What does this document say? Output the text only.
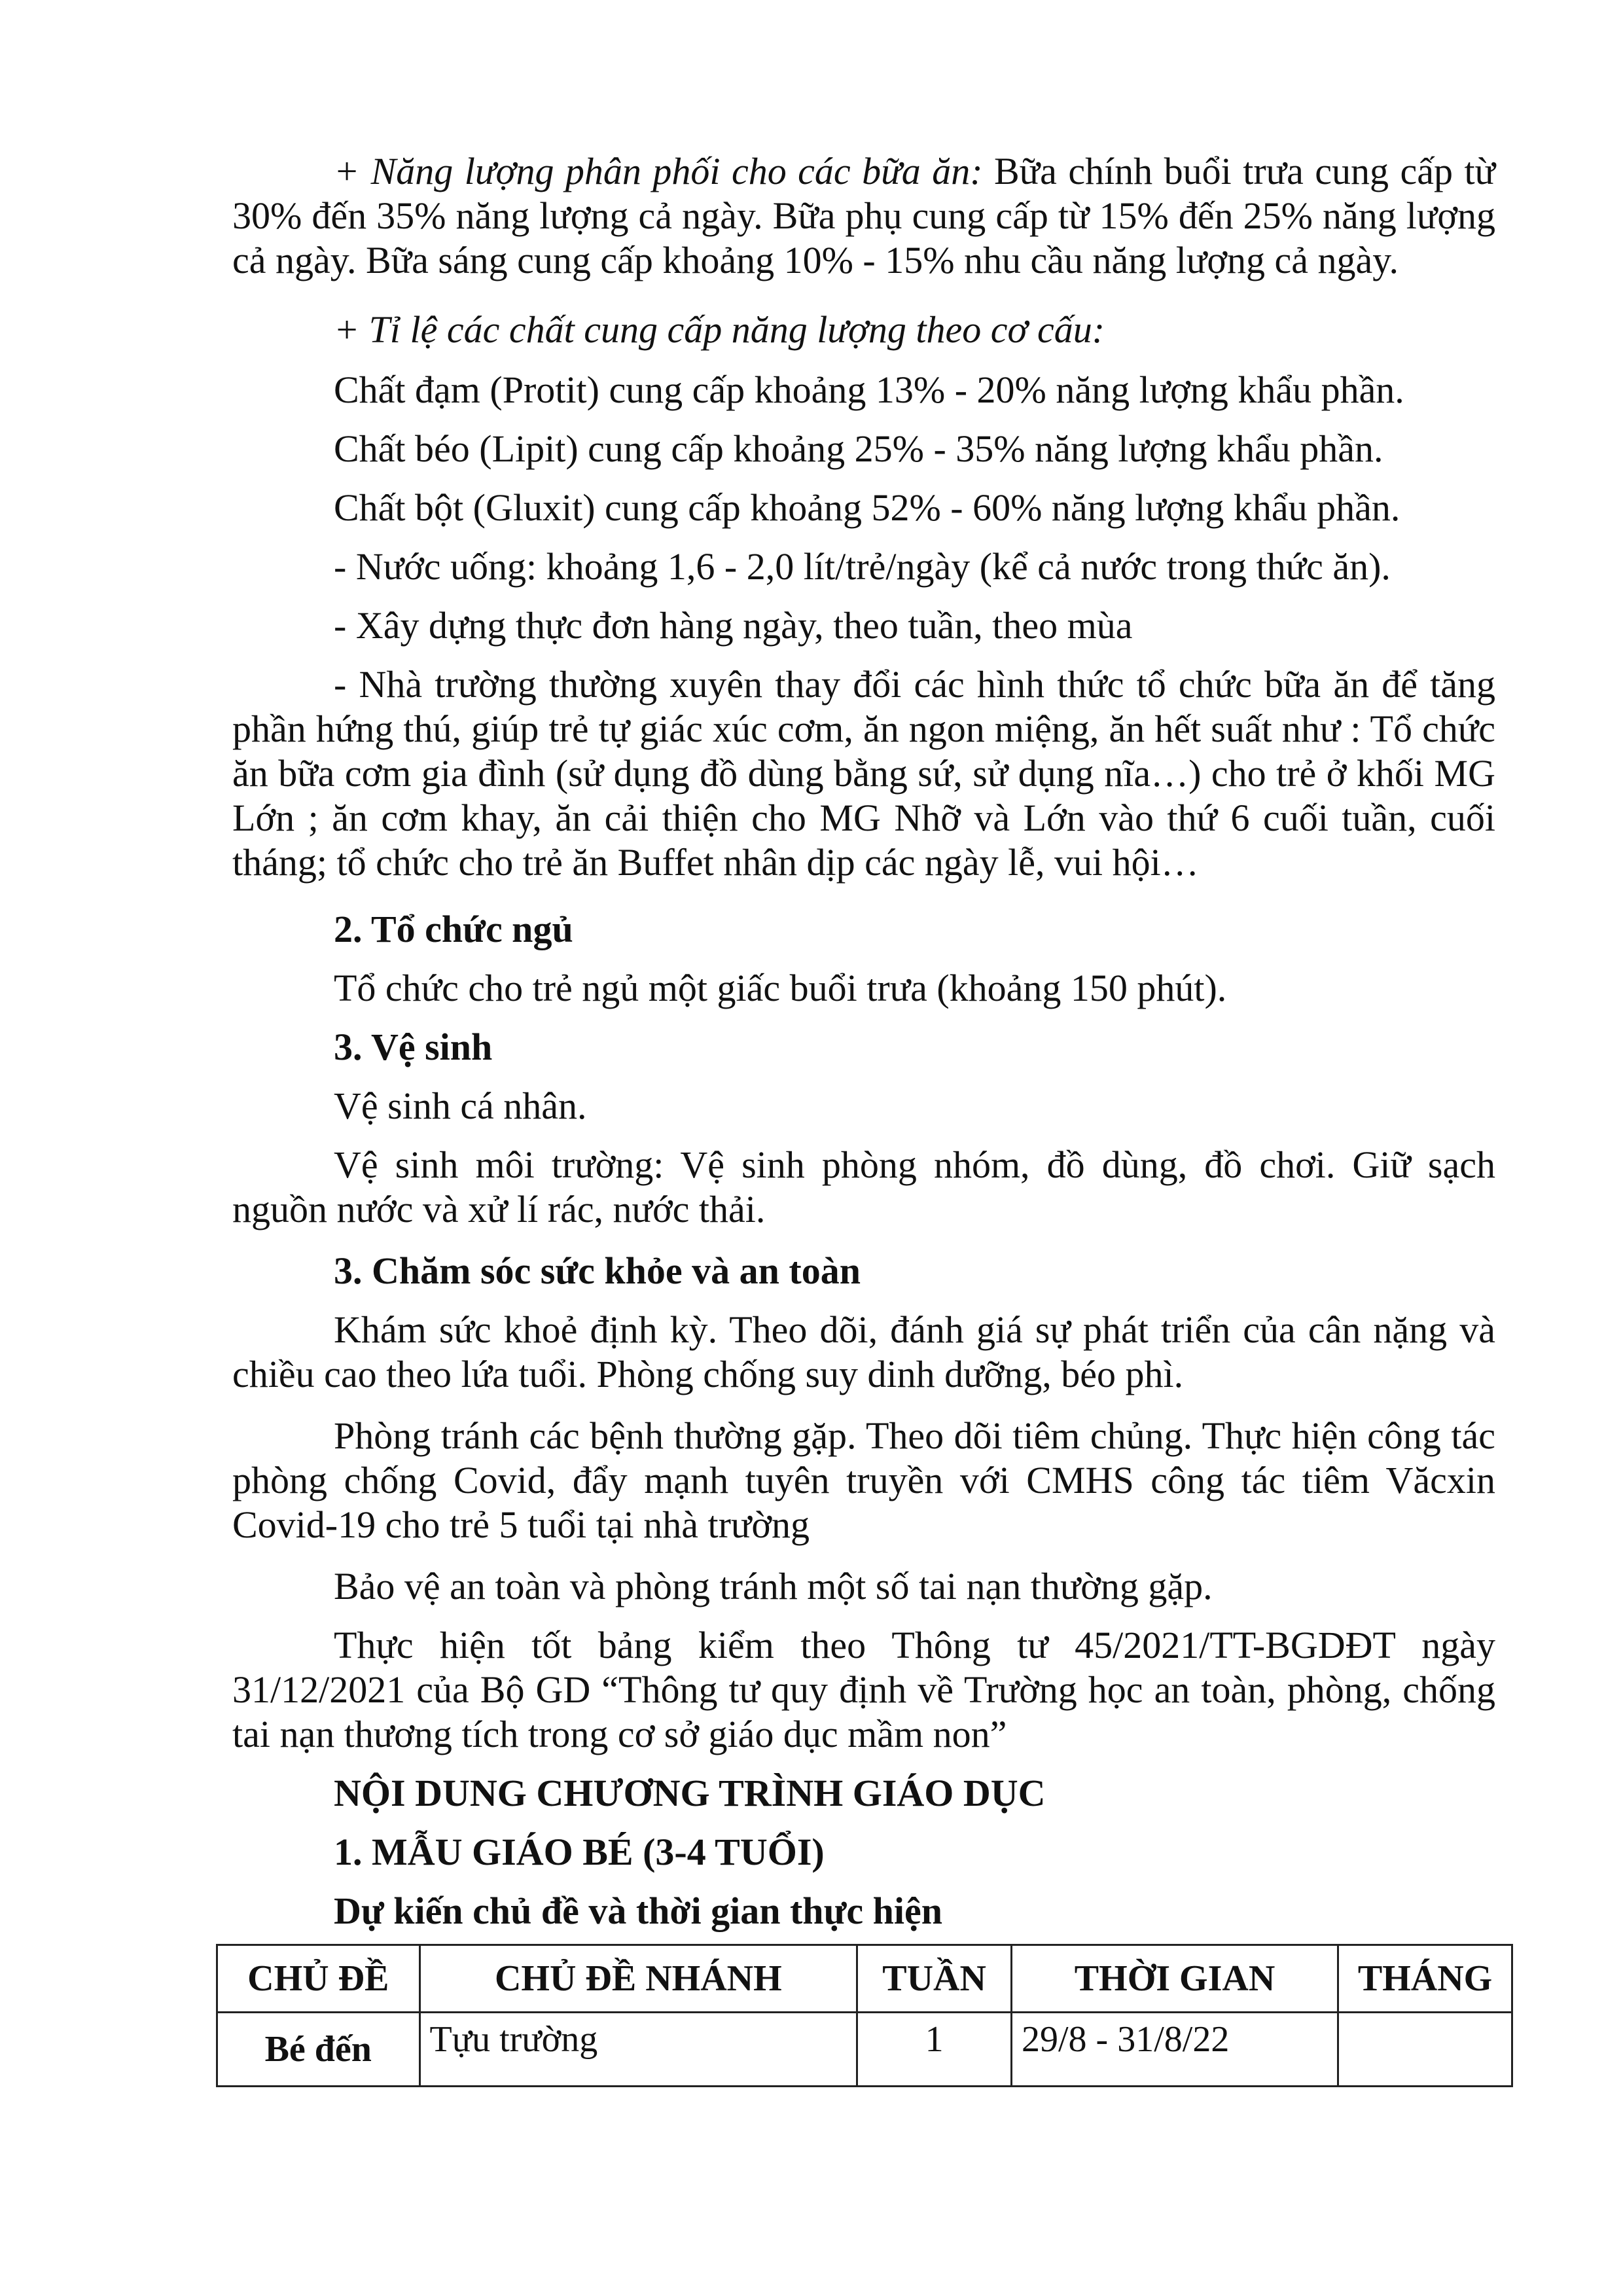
+ Năng lượng phân phối cho các bữa ăn: Bữa chính buổi trưa cung cấp từ 30% đến 35% năng lượng cả ngày. Bữa phụ cung cấp từ 15% đến 25% năng lượng cả ngày. Bữa sáng cung cấp khoảng 10% - 15% nhu cầu năng lượng cả ngày.

+ Tỉ lệ các chất cung cấp năng lượng theo cơ cấu:

Chất đạm (Protit) cung cấp khoảng 13% - 20% năng lượng khẩu phần.

Chất béo (Lipit) cung cấp khoảng 25% - 35% năng lượng khẩu phần.

Chất bột (Gluxit) cung cấp khoảng 52% - 60% năng lượng khẩu phần.

- Nước uống: khoảng 1,6 - 2,0 lít/trẻ/ngày (kể cả nước trong thức ăn).

- Xây dựng thực đơn hàng ngày, theo tuần, theo mùa

- Nhà trường thường xuyên thay đổi các hình thức tổ chức bữa ăn để tăng phần hứng thú, giúp trẻ tự giác xúc cơm, ăn ngon miệng, ăn hết suất như : Tổ chức ăn bữa cơm gia đình (sử dụng đồ dùng bằng sứ, sử dụng nĩa…) cho trẻ ở khối MG Lớn ; ăn cơm khay, ăn cải thiện cho MG Nhỡ và Lớn vào thứ 6 cuối tuần, cuối tháng; tổ chức cho trẻ ăn Buffet nhân dịp các ngày lễ, vui hội…

2. Tổ chức ngủ

Tổ chức cho trẻ ngủ một giấc buổi trưa (khoảng 150 phút).

3. Vệ sinh

Vệ sinh cá nhân.

Vệ sinh môi trường: Vệ sinh phòng nhóm, đồ dùng, đồ chơi. Giữ sạch nguồn nước và xử lí rác, nước thải.

3. Chăm sóc sức khỏe và an toàn

Khám sức khoẻ định kỳ. Theo dõi, đánh giá sự phát triển của cân nặng và chiều cao theo lứa tuổi. Phòng chống suy dinh dưỡng, béo phì.

Phòng tránh các bệnh thường gặp. Theo dõi tiêm chủng. Thực hiện công tác phòng chống Covid, đẩy mạnh tuyên truyền với CMHS công tác tiêm Văcxin Covid-19 cho trẻ 5 tuổi tại nhà trường

Bảo vệ an toàn và phòng tránh một số tai nạn thường gặp.

Thực hiện tốt bảng kiểm theo Thông tư 45/2021/TT-BGDĐT ngày 31/12/2021 của Bộ GD “Thông tư quy định về Trường học an toàn, phòng, chống tai nạn thương tích trong cơ sở giáo dục mầm non”

NỘI DUNG CHƯƠNG TRÌNH GIÁO DỤC

1. MẪU GIÁO BÉ (3-4 TUỔI)

Dự kiến chủ đề và thời gian thực hiện

CHỦ ĐỀ	CHỦ ĐỀ NHÁNH	TUẦN	THỜI GIAN	THÁNG
Bé đến	Tựu trường	1	29/8 - 31/8/22	
